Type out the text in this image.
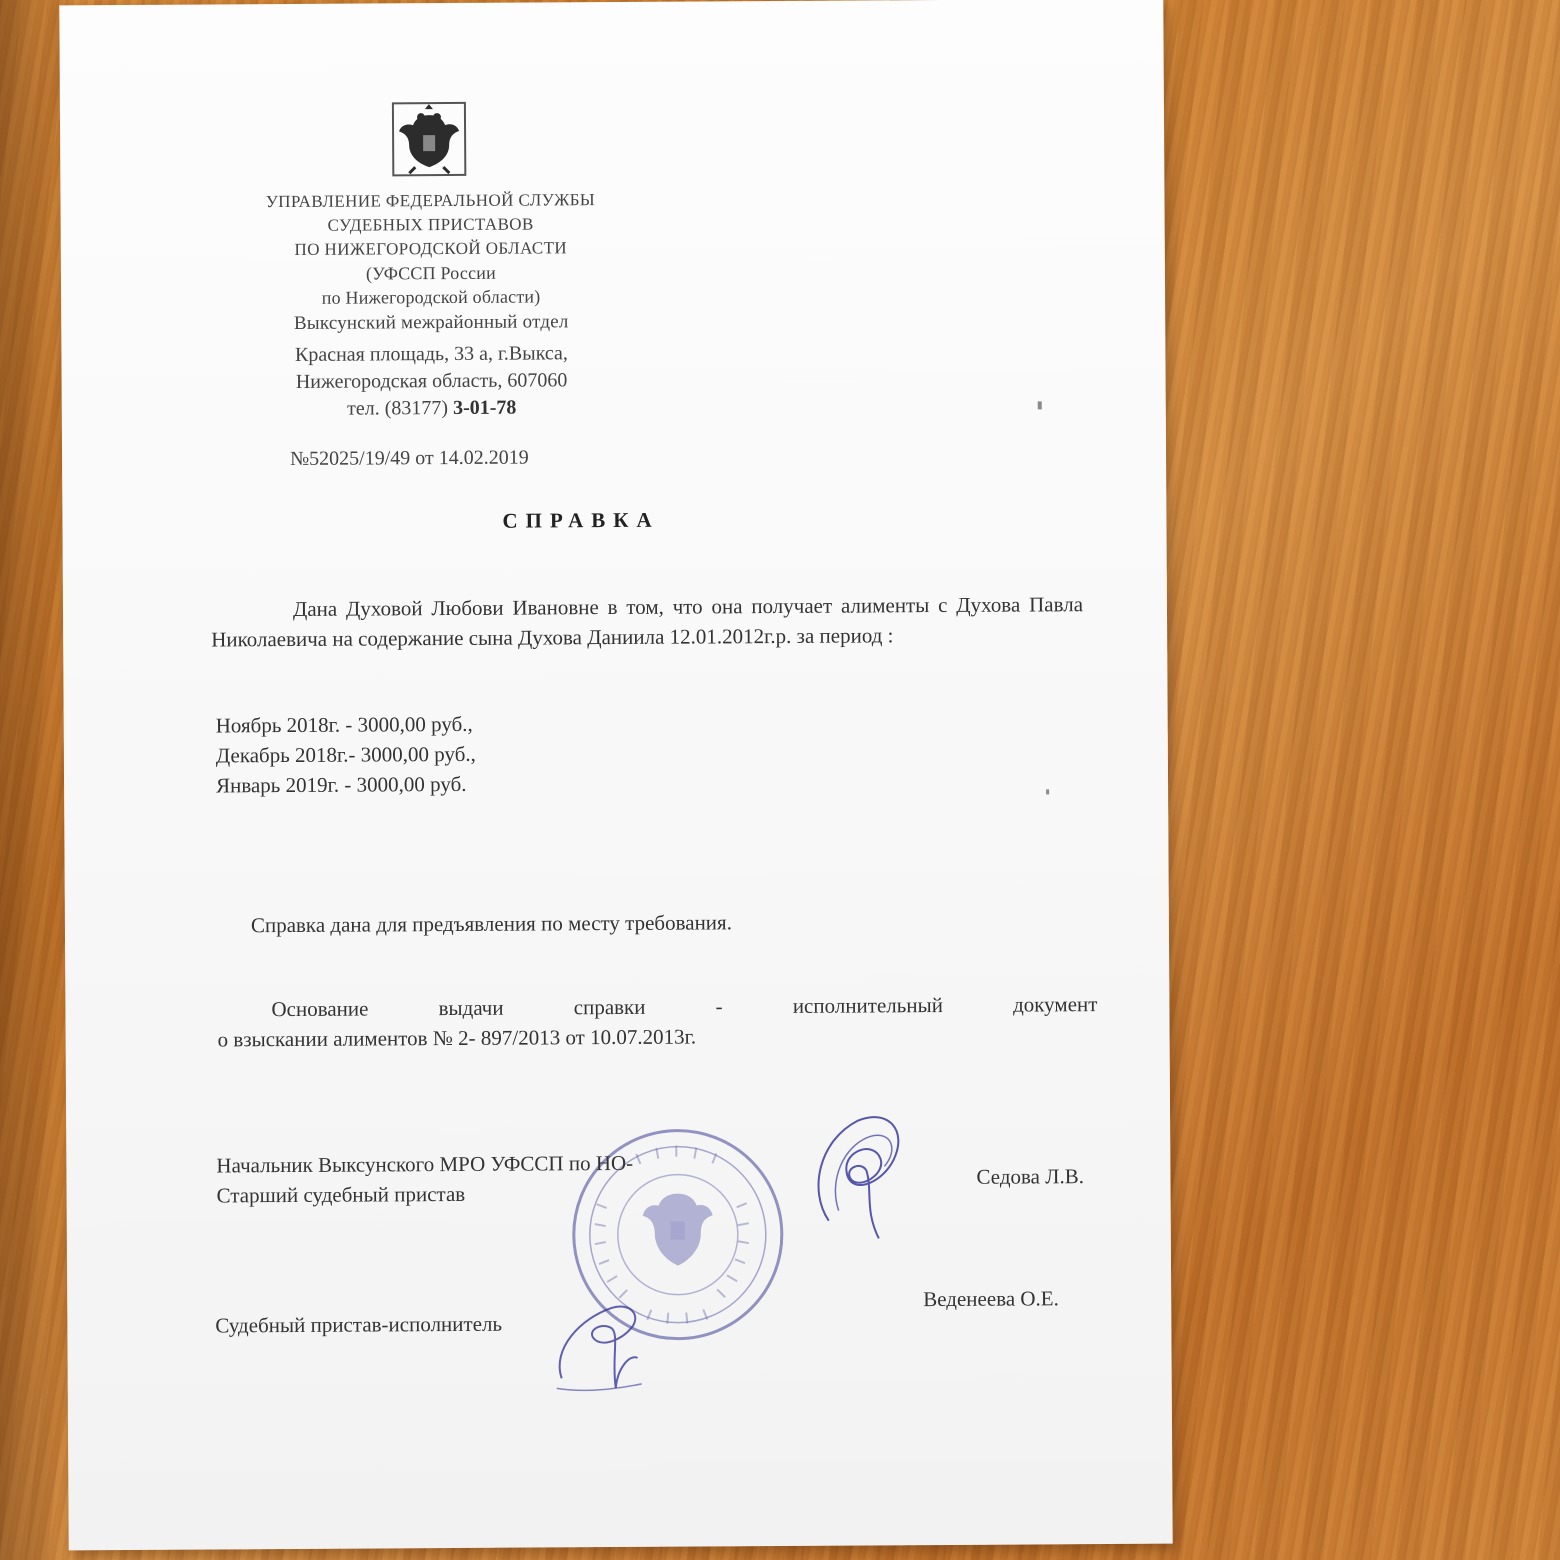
УПРАВЛЕНИЕ ФЕДЕРАЛЬНОЙ СЛУЖБЫ
СУДЕБНЫХ ПРИСТАВОВ
ПО НИЖЕГОРОДСКОЙ ОБЛАСТИ
(УФССП России
по Нижегородской области)
Выксунский межрайонный отдел
Красная площадь, 33 а, г.Выкса,
Нижегородская область, 607060
тел. (83177) 3-01-78
№52025/19/49 от 14.02.2019
СПРАВКА
Дана Духовой Любови Ивановне в том, что она получает алименты с Духова Павла Николаевича на содержание сына Духова Даниила 12.01.2012г.р. за период :
Ноябрь 2018г. - 3000,00 руб.,
Декабрь 2018г.- 3000,00 руб.,
Январь 2019г. - 3000,00 руб.
Справка дана для предъявления по месту требования.
Основание	выдачи	справки	-	исполнительный	документ
о взыскании алиментов № 2- 897/2013 от 10.07.2013г.
Начальник Выксунского МРО УФССП по НО-
Старший судебный пристав
Седова Л.В.
Веденеева О.Е.
Судебный пристав-исполнитель
